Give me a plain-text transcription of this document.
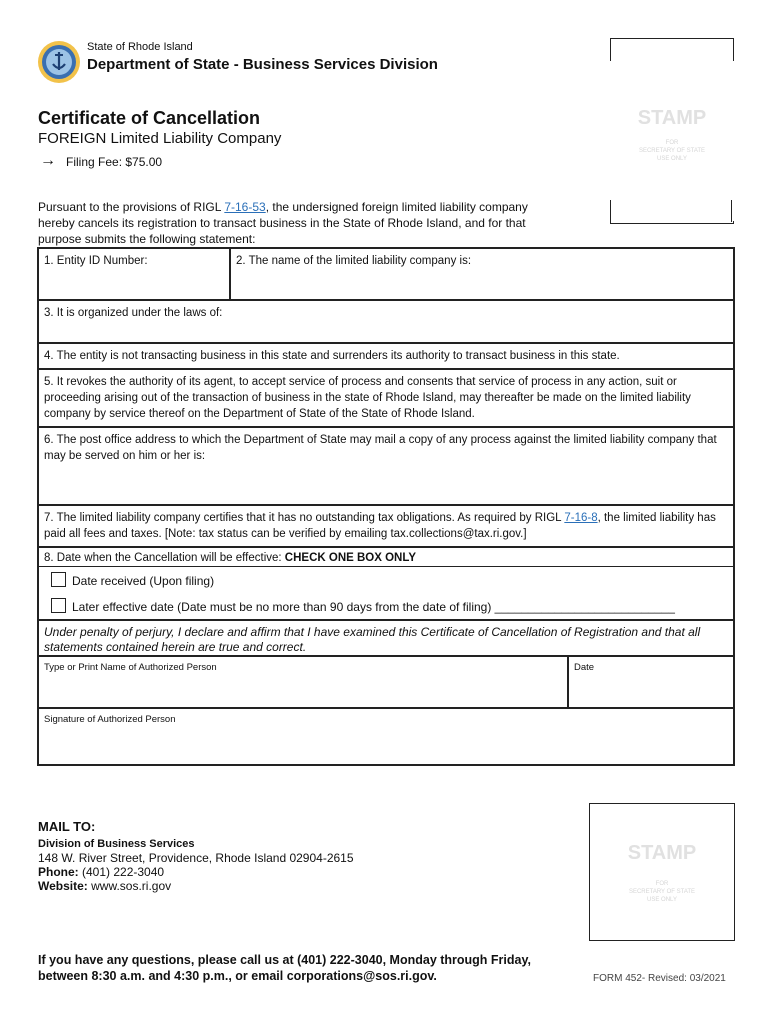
State of Rhode Island
Department of State - Business Services Division
STAMP
FOR
SECRETARY OF STATE
USE ONLY
Certificate of Cancellation
FOREIGN Limited Liability Company
→ Filing Fee: $75.00
Pursuant to the provisions of RIGL 7-16-53, the undersigned foreign limited liability company hereby cancels its registration to transact business in the State of Rhode Island, and for that purpose submits the following statement:
1. Entity ID Number:	2. The name of the limited liability company is:
3. It is organized under the laws of:
4. The entity is not transacting business in this state and surrenders its authority to transact business in this state.
5. It revokes the authority of its agent, to accept service of process and consents that service of process in any action, suit or proceeding arising out of the transaction of business in the state of Rhode Island, may thereafter be made on the limited liability company by service thereof on the Department of State of the State of Rhode Island.
6. The post office address to which the Department of State may mail a copy of any process against the limited liability company that may be served on him or her is:
7. The limited liability company certifies that it has no outstanding tax obligations. As required by RIGL 7-16-8, the limited liability has paid all fees and taxes. [Note: tax status can be verified by emailing tax.collections@tax.ri.gov.]
8. Date when the Cancellation will be effective: CHECK ONE BOX ONLY
Date received (Upon filing)
Later effective date (Date must be no more than 90 days from the date of filing) ___________________________
Under penalty of perjury, I declare and affirm that I have examined this Certificate of Cancellation of Registration and that all statements contained herein are true and correct.
Type or Print Name of Authorized Person	Date
Signature of Authorized Person
MAIL TO:
Division of Business Services
148 W. River Street, Providence, Rhode Island 02904-2615
Phone: (401) 222-3040
Website: www.sos.ri.gov
STAMP
FOR
SECRETARY OF STATE
USE ONLY
If you have any questions, please call us at (401) 222-3040, Monday through Friday,
between 8:30 a.m. and 4:30 p.m., or email corporations@sos.ri.gov.	FORM 452- Revised: 03/2021
